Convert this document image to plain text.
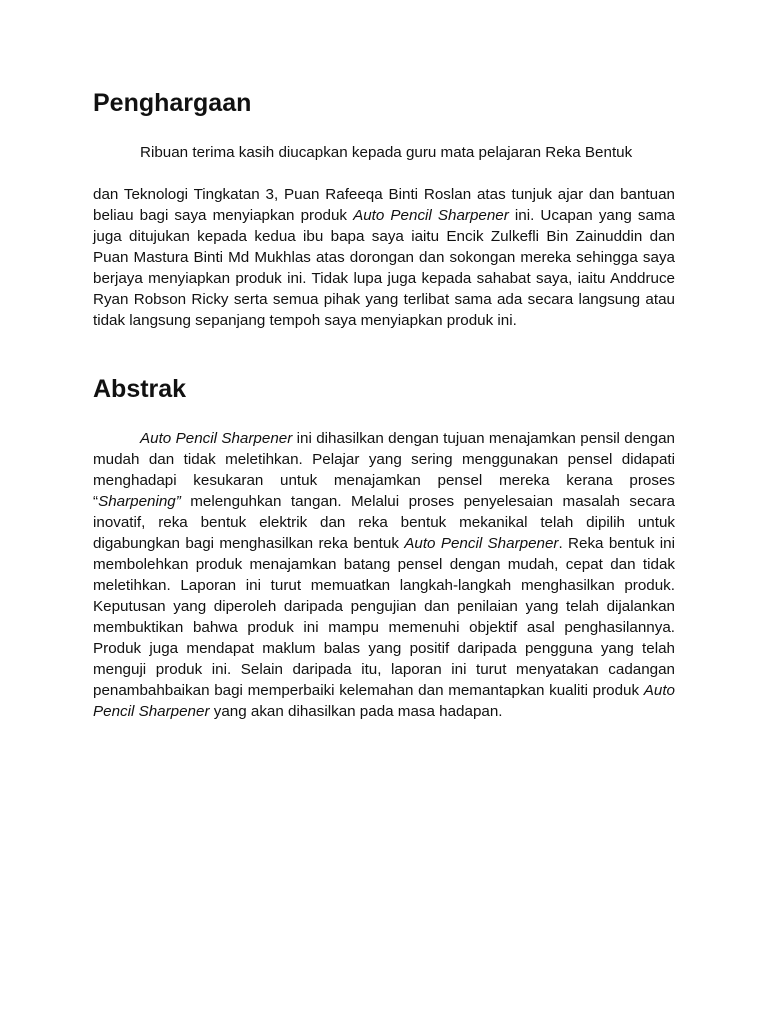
Penghargaan

Ribuan terima kasih diucapkan kepada guru mata pelajaran Reka Bentuk

dan Teknologi Tingkatan 3, Puan Rafeeqa Binti Roslan atas tunjuk ajar dan bantuan beliau bagi saya menyiapkan produk Auto Pencil Sharpener ini. Ucapan yang sama juga ditujukan kepada kedua ibu bapa saya iaitu Encik Zulkefli Bin Zainuddin dan Puan Mastura Binti Md Mukhlas atas dorongan dan sokongan mereka sehingga saya berjaya menyiapkan produk ini. Tidak lupa juga kepada sahabat saya, iaitu Anddruce Ryan Robson Ricky serta semua pihak yang terlibat sama ada secara langsung atau tidak langsung sepanjang tempoh saya menyiapkan produk ini.

Abstrak

Auto Pencil Sharpener ini dihasilkan dengan tujuan menajamkan pensil dengan mudah dan tidak meletihkan. Pelajar yang sering menggunakan pensel didapati menghadapi kesukaran untuk menajamkan pensel mereka kerana proses “Sharpening” melenguhkan tangan. Melalui proses penyelesaian masalah secara inovatif, reka bentuk elektrik dan reka bentuk mekanikal telah dipilih untuk digabungkan bagi menghasilkan reka bentuk Auto Pencil Sharpener. Reka bentuk ini membolehkan produk menajamkan batang pensel dengan mudah, cepat dan tidak meletihkan. Laporan ini turut memuatkan langkah-langkah menghasilkan produk. Keputusan yang diperoleh daripada pengujian dan penilaian yang telah dijalankan membuktikan bahwa produk ini mampu memenuhi objektif asal penghasilannya. Produk juga mendapat maklum balas yang positif daripada pengguna yang telah menguji produk ini. Selain daripada itu, laporan ini turut menyatakan cadangan penambahbaikan bagi memperbaiki kelemahan dan memantapkan kualiti produk Auto Pencil Sharpener yang akan dihasilkan pada masa hadapan.
